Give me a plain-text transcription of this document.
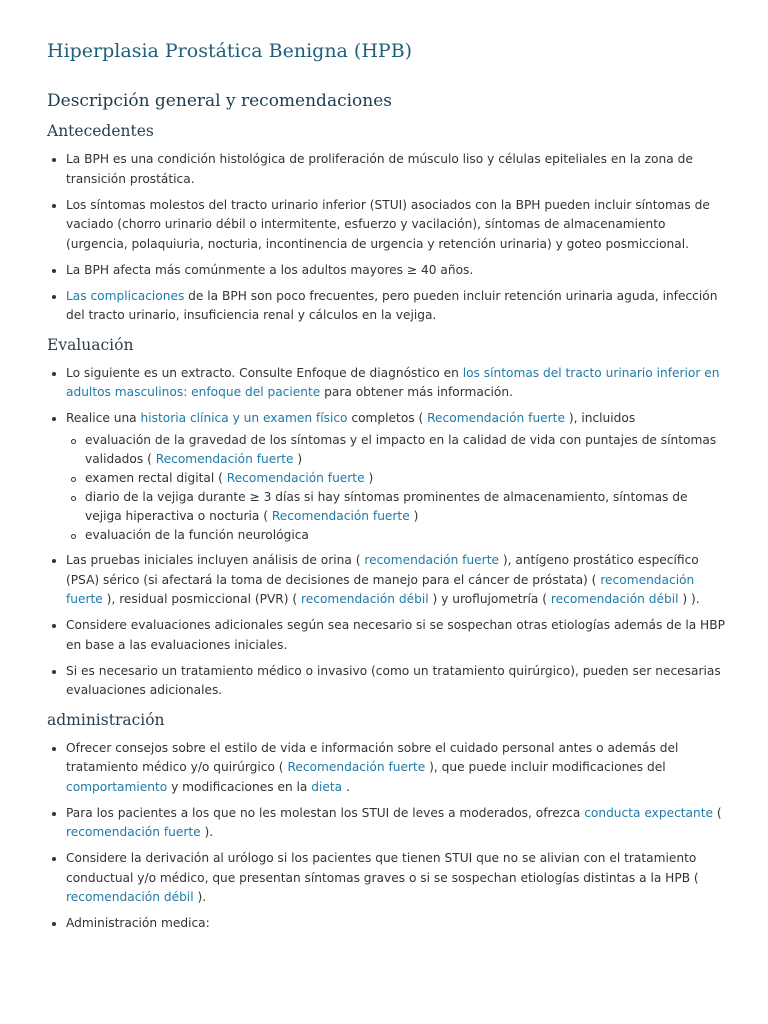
Hiperplasia Prostática Benigna (HPB)
Descripción general y recomendaciones
Antecedentes
La BPH es una condición histológica de proliferación de músculo liso y células epiteliales en la zona de transición prostática.
Los síntomas molestos del tracto urinario inferior (STUI) asociados con la BPH pueden incluir síntomas de vaciado (chorro urinario débil o intermitente, esfuerzo y vacilación), síntomas de almacenamiento (urgencia, polaquiuria, nocturia, incontinencia de urgencia y retención urinaria) y goteo posmiccional.
La BPH afecta más comúnmente a los adultos mayores ≥ 40 años.
Las complicaciones de la BPH son poco frecuentes, pero pueden incluir retención urinaria aguda, infección del tracto urinario, insuficiencia renal y cálculos en la vejiga.
Evaluación
Lo siguiente es un extracto. Consulte Enfoque de diagnóstico en los síntomas del tracto urinario inferior en adultos masculinos: enfoque del paciente para obtener más información.
Realice una historia clínica y un examen físico completos ( Recomendación fuerte ), incluidos
evaluación de la gravedad de los síntomas y el impacto en la calidad de vida con puntajes de síntomas validados ( Recomendación fuerte )
examen rectal digital ( Recomendación fuerte )
diario de la vejiga durante ≥ 3 días si hay síntomas prominentes de almacenamiento, síntomas de vejiga hiperactiva o nocturia ( Recomendación fuerte )
evaluación de la función neurológica
Las pruebas iniciales incluyen análisis de orina ( recomendación fuerte ), antígeno prostático específico (PSA) sérico (si afectará la toma de decisiones de manejo para el cáncer de próstata) ( recomendación fuerte ), residual posmiccional (PVR) ( recomendación débil ) y uroflujometría ( recomendación débil ) ).
Considere evaluaciones adicionales según sea necesario si se sospechan otras etiologías además de la HBP en base a las evaluaciones iniciales.
Si es necesario un tratamiento médico o invasivo (como un tratamiento quirúrgico), pueden ser necesarias evaluaciones adicionales.
administración
Ofrecer consejos sobre el estilo de vida e información sobre el cuidado personal antes o además del tratamiento médico y/o quirúrgico ( Recomendación fuerte ), que puede incluir modificaciones del comportamiento y modificaciones en la dieta .
Para los pacientes a los que no les molestan los STUI de leves a moderados, ofrezca conducta expectante ( recomendación fuerte ).
Considere la derivación al urólogo si los pacientes que tienen STUI que no se alivian con el tratamiento conductual y/o médico, que presentan síntomas graves o si se sospechan etiologías distintas a la HPB ( recomendación débil ).
Administración medica:
